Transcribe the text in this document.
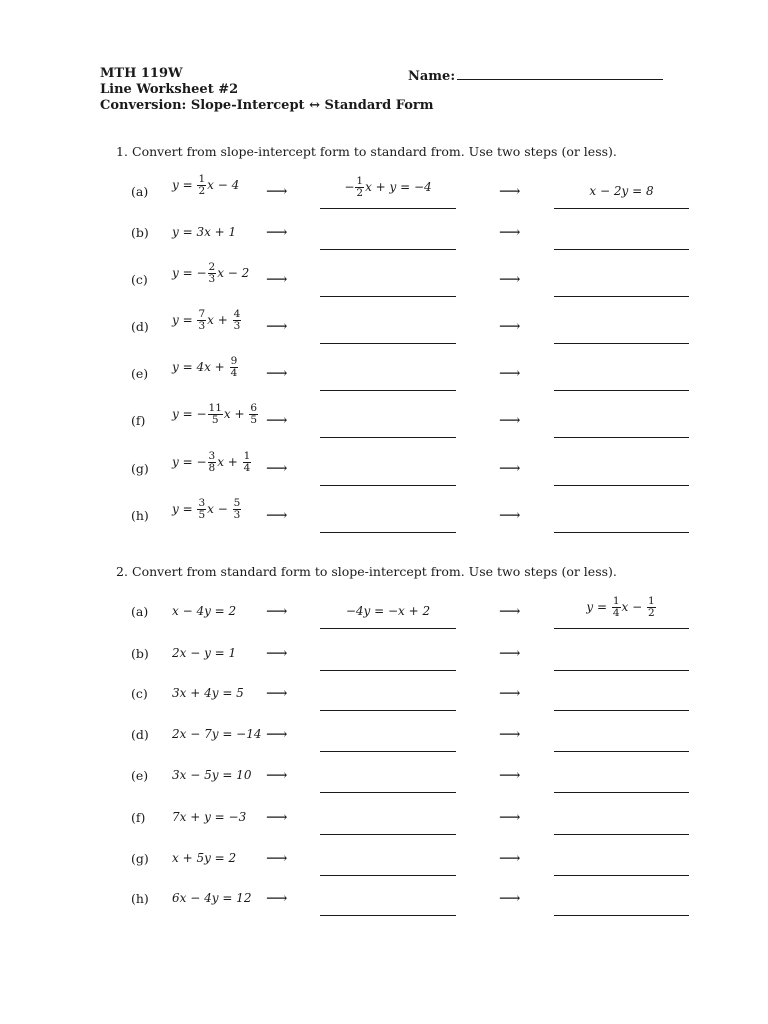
MTH 119W
Line Worksheet #2
Conversion: Slope-Intercept ↔ Standard Form
Name:
1. Convert from slope-intercept form to standard from. Use two steps (or less).
(a) $y = \frac{1}{2}$ x − 4 ⟶	− $\frac{1}{2}$ x + y = −4	⟶	x − 2y = 8
(b) y = 3x + 1 ⟶	⟶
(c) y = − $\frac{2}{3}$ x − 2 ⟶	⟶
(d) $y = \frac{7}{3}$ $x + \frac{4}{3}$ ⟶	⟶
(e) $y = 4x + \frac{9}{4}$ ⟶	⟶
(f) y = − $\frac{11}{5}$ $x + \frac{6}{5}$ ⟶	⟶
(g) y = − $\frac{3}{8}$ $x + \frac{1}{4}$ ⟶	⟶
(h) $y = \frac{3}{5}$ $x - \frac{5}{3}$ ⟶	⟶
2. Convert from standard form to slope-intercept from. Use two steps (or less).
(a) x − 4y = 2 ⟶	−4y = −x + 2	⟶	$y = \frac{1}{4}$ $x - \frac{1}{2}$
(b) 2x − y = 1 ⟶	⟶
(c) 3x + 4y = 5 ⟶	⟶
(d) 2x − 7y = −14 ⟶	⟶
(e) 3x − 5y = 10 ⟶	⟶
(f) 7x + y = −3 ⟶	⟶
(g) x + 5y = 2 ⟶	⟶
(h) 6x − 4y = 12 ⟶	⟶
